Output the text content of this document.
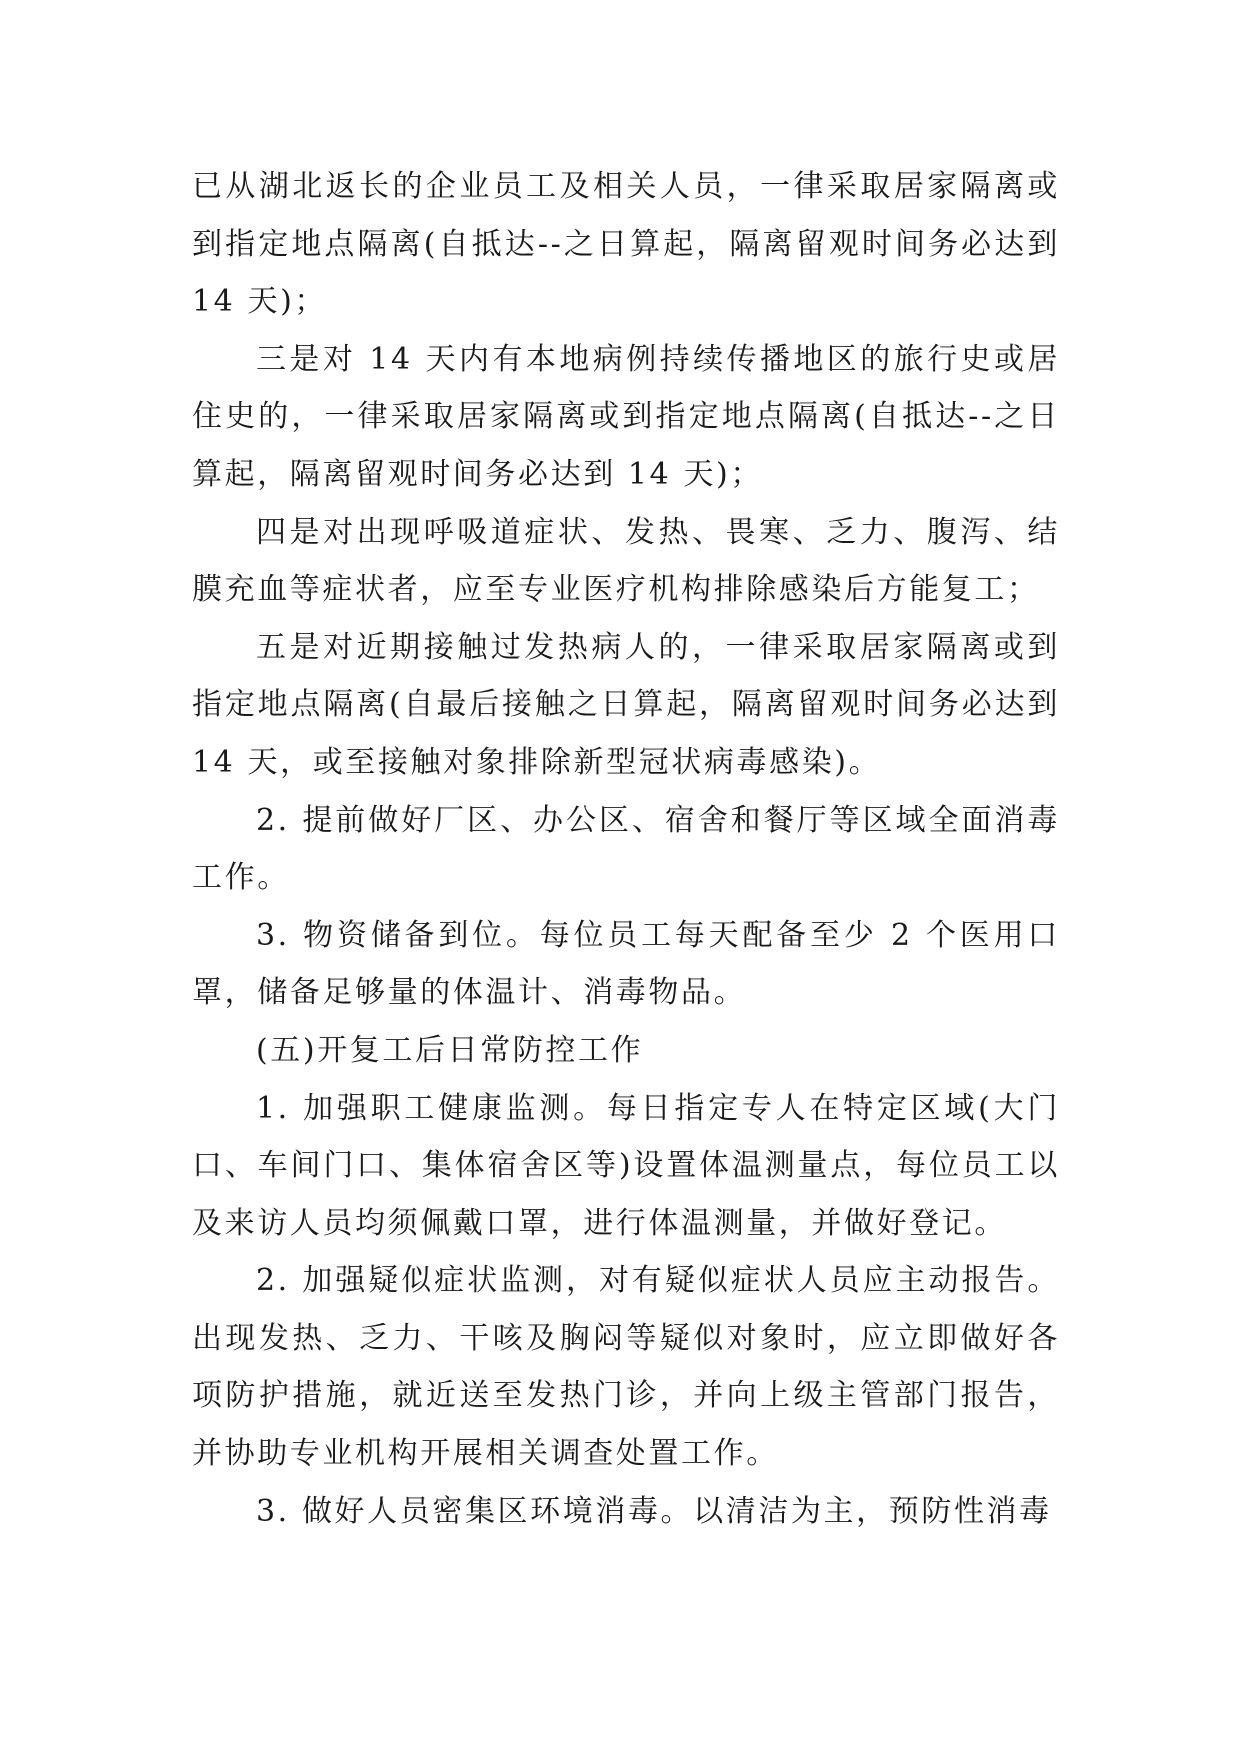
已从湖北返长的企业员工及相关人员，一律采取居家隔离或到指定地点隔离(自抵达--之日算起，隔离留观时间务必达到 14 天)；

三是对 14 天内有本地病例持续传播地区的旅行史或居住史的，一律采取居家隔离或到指定地点隔离(自抵达--之日算起，隔离留观时间务必达到 14 天)；

四是对出现呼吸道症状、发热、畏寒、乏力、腹泻、结膜充血等症状者，应至专业医疗机构排除感染后方能复工；

五是对近期接触过发热病人的，一律采取居家隔离或到指定地点隔离(自最后接触之日算起，隔离留观时间务必达到 14 天，或至接触对象排除新型冠状病毒感染)。

2. 提前做好厂区、办公区、宿舍和餐厅等区域全面消毒工作。

3. 物资储备到位。每位员工每天配备至少 2 个医用口罩，储备足够量的体温计、消毒物品。

(五)开复工后日常防控工作

1. 加强职工健康监测。每日指定专人在特定区域(大门口、车间门口、集体宿舍区等)设置体温测量点，每位员工以及来访人员均须佩戴口罩，进行体温测量，并做好登记。

2. 加强疑似症状监测，对有疑似症状人员应主动报告。出现发热、乏力、干咳及胸闷等疑似对象时，应立即做好各项防护措施，就近送至发热门诊，并向上级主管部门报告，并协助专业机构开展相关调查处置工作。

3. 做好人员密集区环境消毒。以清洁为主，预防性消毒
